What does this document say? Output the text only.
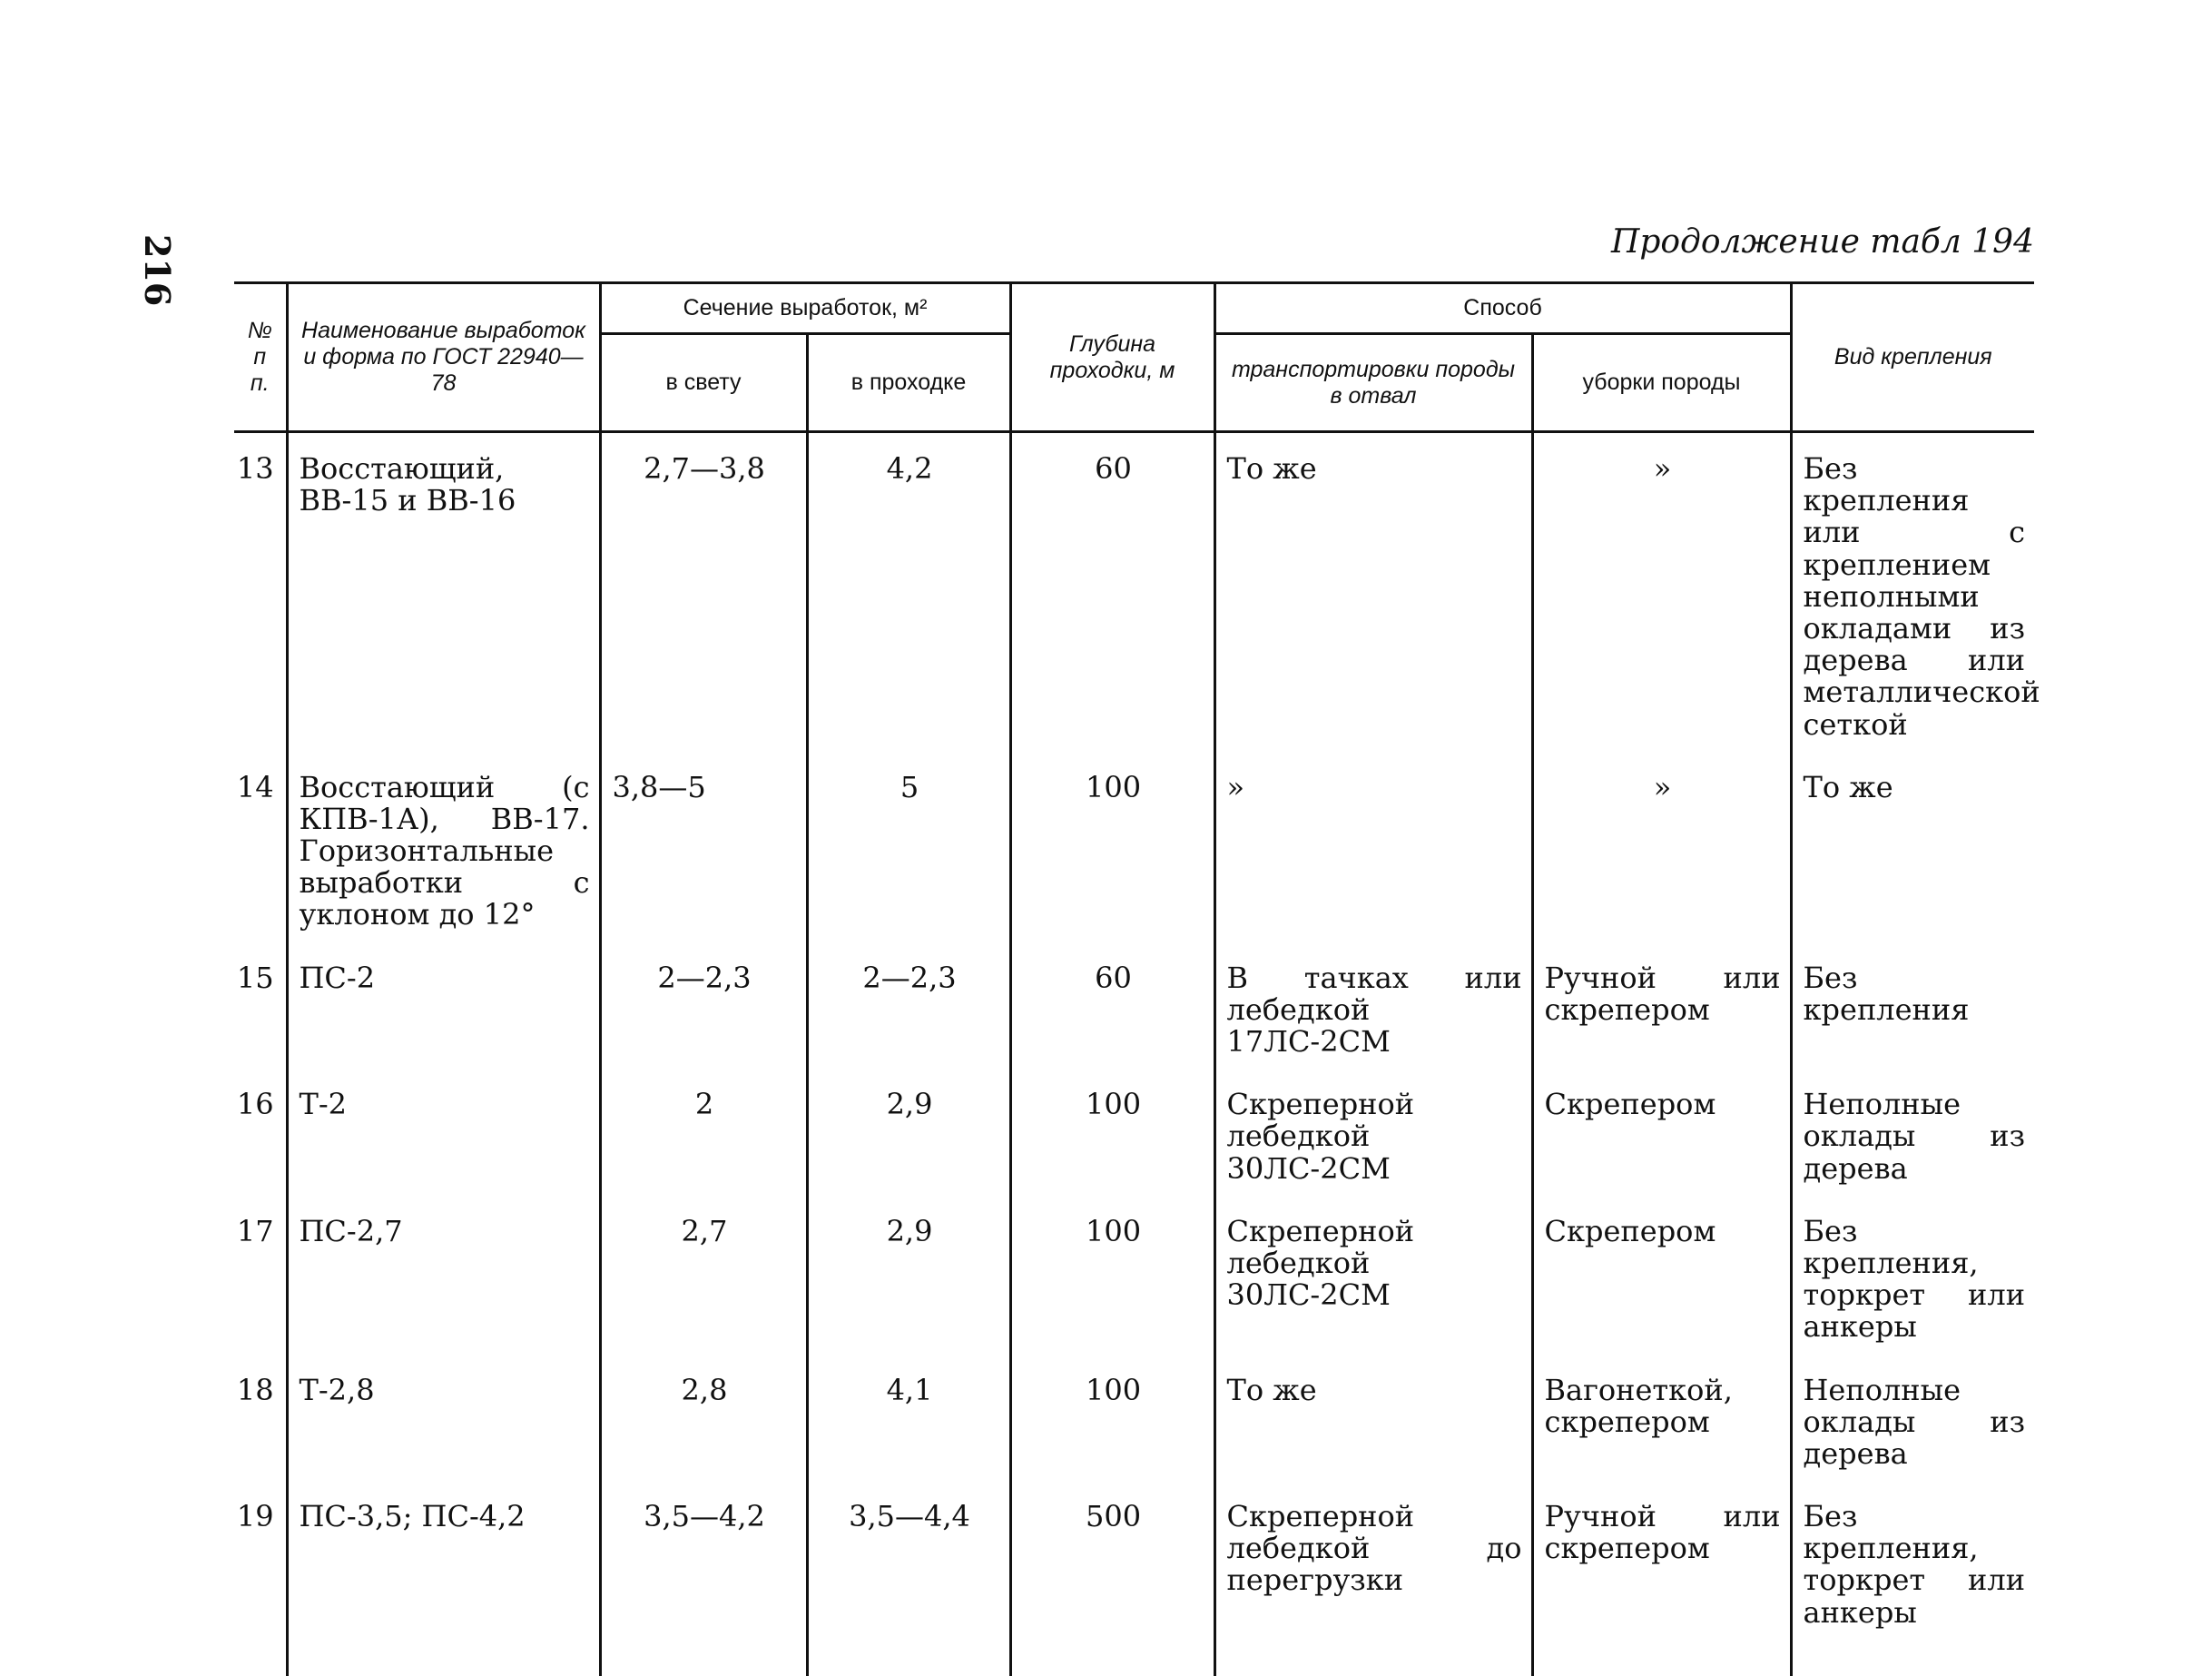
216	Продолжение табл 194
№ п п.	Наименование выработок и форма по ГОСТ 22940—78	Сечение выработок, м²		Глубина проходки, м	Способ		Вид крепления
		в свету	в проходке		транспортировки породы в отвал	уборки породы	
13	Восстающий, ВВ-15 и ВВ-16	2,7—3,8	4,2	60	То же	»	Без крепления или с креплением неполными окладами из дерева или металлической сеткой
14	Восстающий (с КПВ-1А), ВВ-17. Горизонтальные выработки с уклоном до 12°	3,8—5	5	100	»	»	То же
15	ПС-2	2—2,3	2—2,3	60	В тачках или лебедкой 17ЛС-2СМ	Ручной или скрепером	Без крепления
16	Т-2	2	2,9	100	Скреперной лебедкой 30ЛС-2СМ	Скрепером	Неполные оклады из дерева
17	ПС-2,7	2,7	2,9	100	Скреперной лебедкой 30ЛС-2СМ	Скрепером	Без крепления, торкрет или анкеры
18	Т-2,8	2,8	4,1	100	То же	Вагонеткой, скрепером	Неполные оклады из дерева
19	ПС-3,5; ПС-4,2	3,5—4,2	3,5—4,4	500	Скреперной лебедкой до перегрузки	Ручной или скрепером	Без крепления, торкрет или анкеры
